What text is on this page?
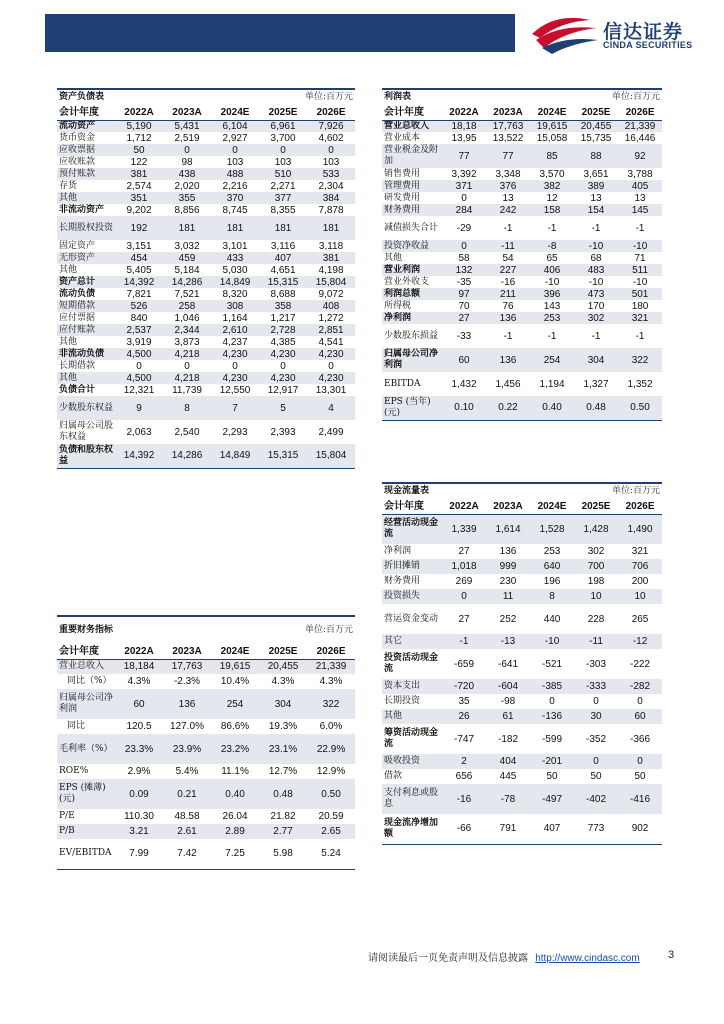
信达证券
CINDA SECURITIES
资产负债表			单位:百万元		
会计年度	2022A	2023A	2024E	2025E	2026E
流动资产	5,190	5,431	6,104	6,961	7,926
货币资金	1,712	2,519	2,927	3,700	4,602
应收票据	50	0	0	0	0
应收账款	122	98	103	103	103
预付账款	381	438	488	510	533
存货	2,574	2,020	2,216	2,271	2,304
其他	351	355	370	377	384
非流动资产	9,202	8,856	8,745	8,355	7,878
长期股权投资	192	181	181	181	181
固定资产	3,151	3,032	3,101	3,116	3,118
无形资产	454	459	433	407	381
其他	5,405	5,184	5,030	4,651	4,198
资产总计	14,392	14,286	14,849	15,315	15,804
流动负债	7,821	7,521	8,320	8,688	9,072
短期借款	526	258	308	358	408
应付票据	840	1,046	1,164	1,217	1,272
应付账款	2,537	2,344	2,610	2,728	2,851
其他	3,919	3,873	4,237	4,385	4,541
非流动负债	4,500	4,218	4,230	4,230	4,230
长期借款	0	0	0	0	0
其他	4,500	4,218	4,230	4,230	4,230
负债合计	12,321	11,739	12,550	12,917	13,301
少数股东权益	9	8	7	5	4
归属母公司股东权益	2,063	2,540	2,293	2,393	2,499
负债和股东权益	14,392	14,286	14,849	15,315	15,804
重要财务指标			单位:百万元		
会计年度	2022A	2023A	2024E	2025E	2026E
营业总收入	18,184	17,763	19,615	20,455	21,339
同比（%）	4.3%	-2.3%	10.4%	4.3%	4.3%
归属母公司净利润	60	136	254	304	322
同比	120.5	127.0%	86.6%	19.3%	6.0%
毛利率（%）	23.3%	23.9%	23.2%	23.1%	22.9%
ROE%	2.9%	5.4%	11.1%	12.7%	12.9%
EPS (摊薄)(元)	0.09	0.21	0.40	0.48	0.50
P/E	110.30	48.58	26.04	21.82	20.59
P/B	3.21	2.61	2.89	2.77	2.65
EV/EBITDA	7.99	7.42	7.25	5.98	5.24
利润表			单位:百万元		
会计年度	2022A	2023A	2024E	2025E	2026E
营业总收入	18,18	17,763	19,615	20,455	21,339
营业成本	13,95	13,522	15,058	15,735	16,446
营业税金及附加	77	77	85	88	92
销售费用	3,392	3,348	3,570	3,651	3,788
管理费用	371	376	382	389	405
研发费用	0	13	12	13	13
财务费用	284	242	158	154	145
减值损失合计	-29	-1	-1	-1	-1
投资净收益	0	-11	-8	-10	-10
其他	58	54	65	68	71
营业利润	132	227	406	483	511
营业外收支	-35	-16	-10	-10	-10
利润总额	97	211	396	473	501
所得税	70	76	143	170	180
净利润	27	136	253	302	321
少数股东损益	-33	-1	-1	-1	-1
归属母公司净利润	60	136	254	304	322
EBITDA	1,432	1,456	1,194	1,327	1,352
EPS (当年)(元)	0.10	0.22	0.40	0.48	0.50
现金流量表			单位:百万元		
会计年度	2022A	2023A	2024E	2025E	2026E
经营活动现金流	1,339	1,614	1,528	1,428	1,490
净利润	27	136	253	302	321
折旧摊销	1,018	999	640	700	706
财务费用	269	230	196	198	200
投资损失	0	11	8	10	10
营运资金变动	27	252	440	228	265
其它	-1	-13	-10	-11	-12
投资活动现金流	-659	-641	-521	-303	-222
资本支出	-720	-604	-385	-333	-282
长期投资	35	-98	0	0	0
其他	26	61	-136	30	60
筹资活动现金流	-747	-182	-599	-352	-366
吸收投资	2	404	-201	0	0
借款	656	445	50	50	50
支付利息或股息	-16	-78	-497	-402	-416
现金流净增加额	-66	791	407	773	902
请阅读最后一页免责声明及信息披露 http://www.cindasc.com	3
